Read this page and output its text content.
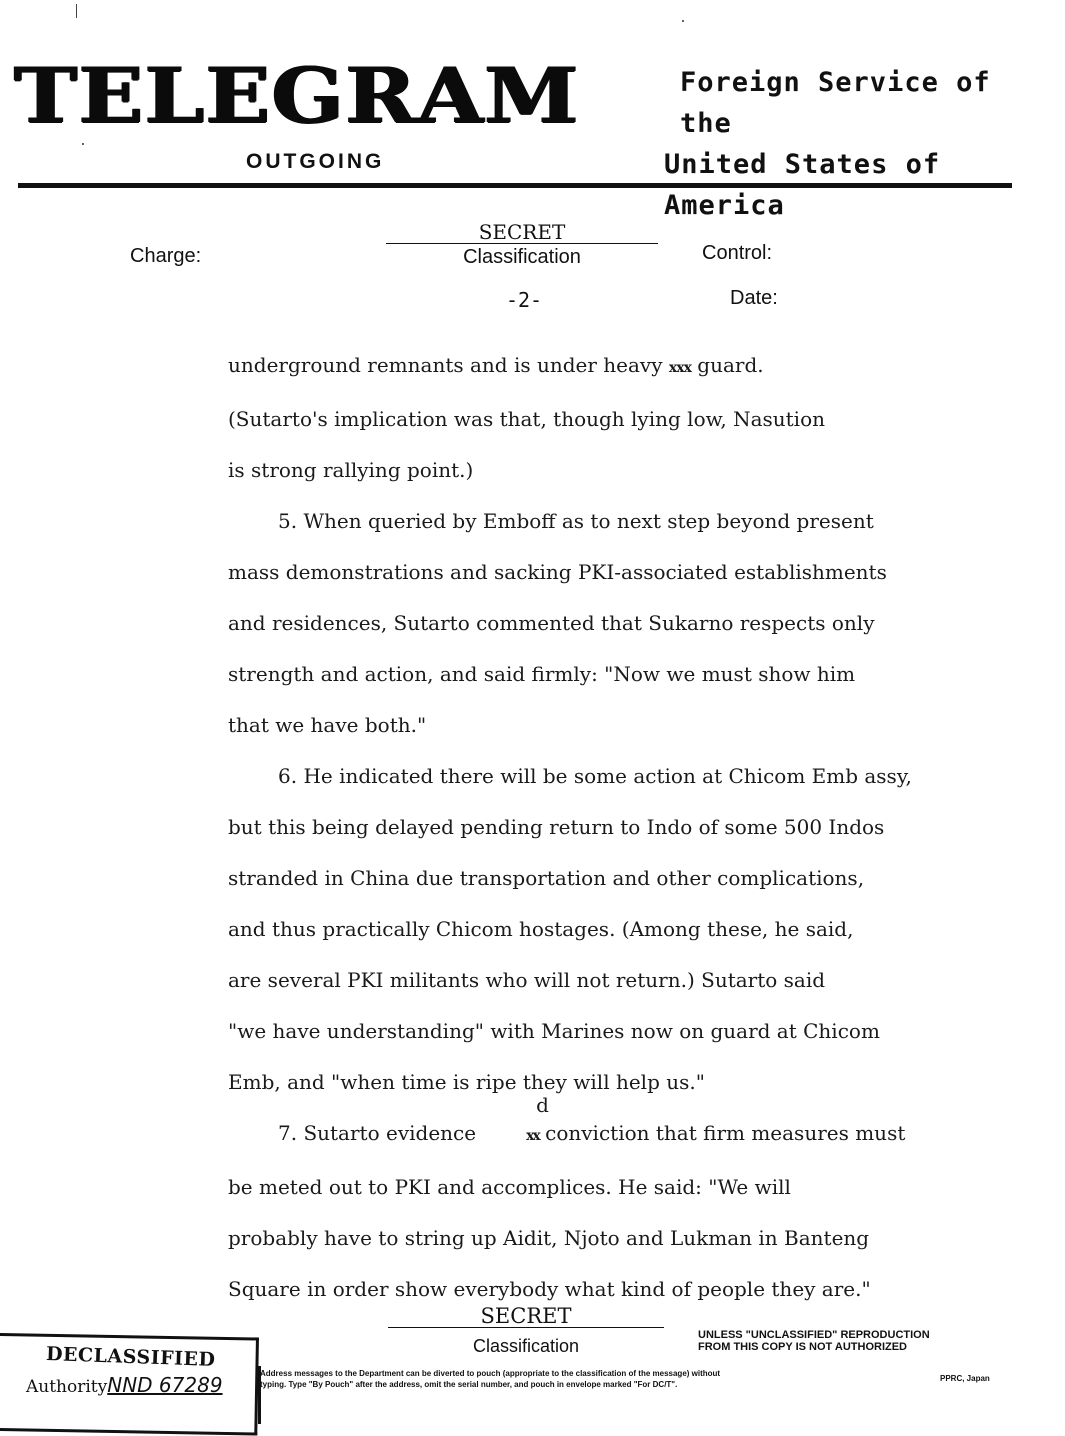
TELEGRAM	Foreign Service of the
United States of America
OUTGOING
Charge:
SECRET
Classification	Control:
Date:
-2-

underground remnants and is under heavy xxx guard.

(Sutarto's implication was that, though lying low, Nasution

is strong rallying point.)

5. When queried by Emboff as to next step beyond present

mass demonstrations and sacking PKI-associated establishments

and residences, Sutarto commented that Sukarno respects only

strength and action, and said firmly: "Now we must show him

that we have both."

6. He indicated there will be some action at Chicom Emb assy,

but this being delayed pending return to Indo of some 500 Indos

stranded in China due transportation and other complications,

and thus practically Chicom hostages. (Among these, he said,

are several PKI militants who will not return.) Sutarto said

"we have understanding" with Marines now on guard at Chicom

Emb, and "when time is ripe they will help us."

7. Sutarto evidence
d
xx conviction that firm measures must

be meted out to PKI and accomplices. He said: "We will

probably have to string up Aidit, Njoto and Lukman in Banteng

Square in order show everybody what kind of people they are."

SECRET
Classification
UNLESS "UNCLASSIFIED" REPRODUCTION
FROM THIS COPY IS NOT AUTHORIZED
DECLASSIFIED
AuthorityNND 67289	Address messages to the Department can be diverted to pouch (appropriate to the classification of the message) without
typing. Type "By Pouch" after the address, omit the serial number, and pouch in envelope marked "For DC/T".
PPRC, Japan
